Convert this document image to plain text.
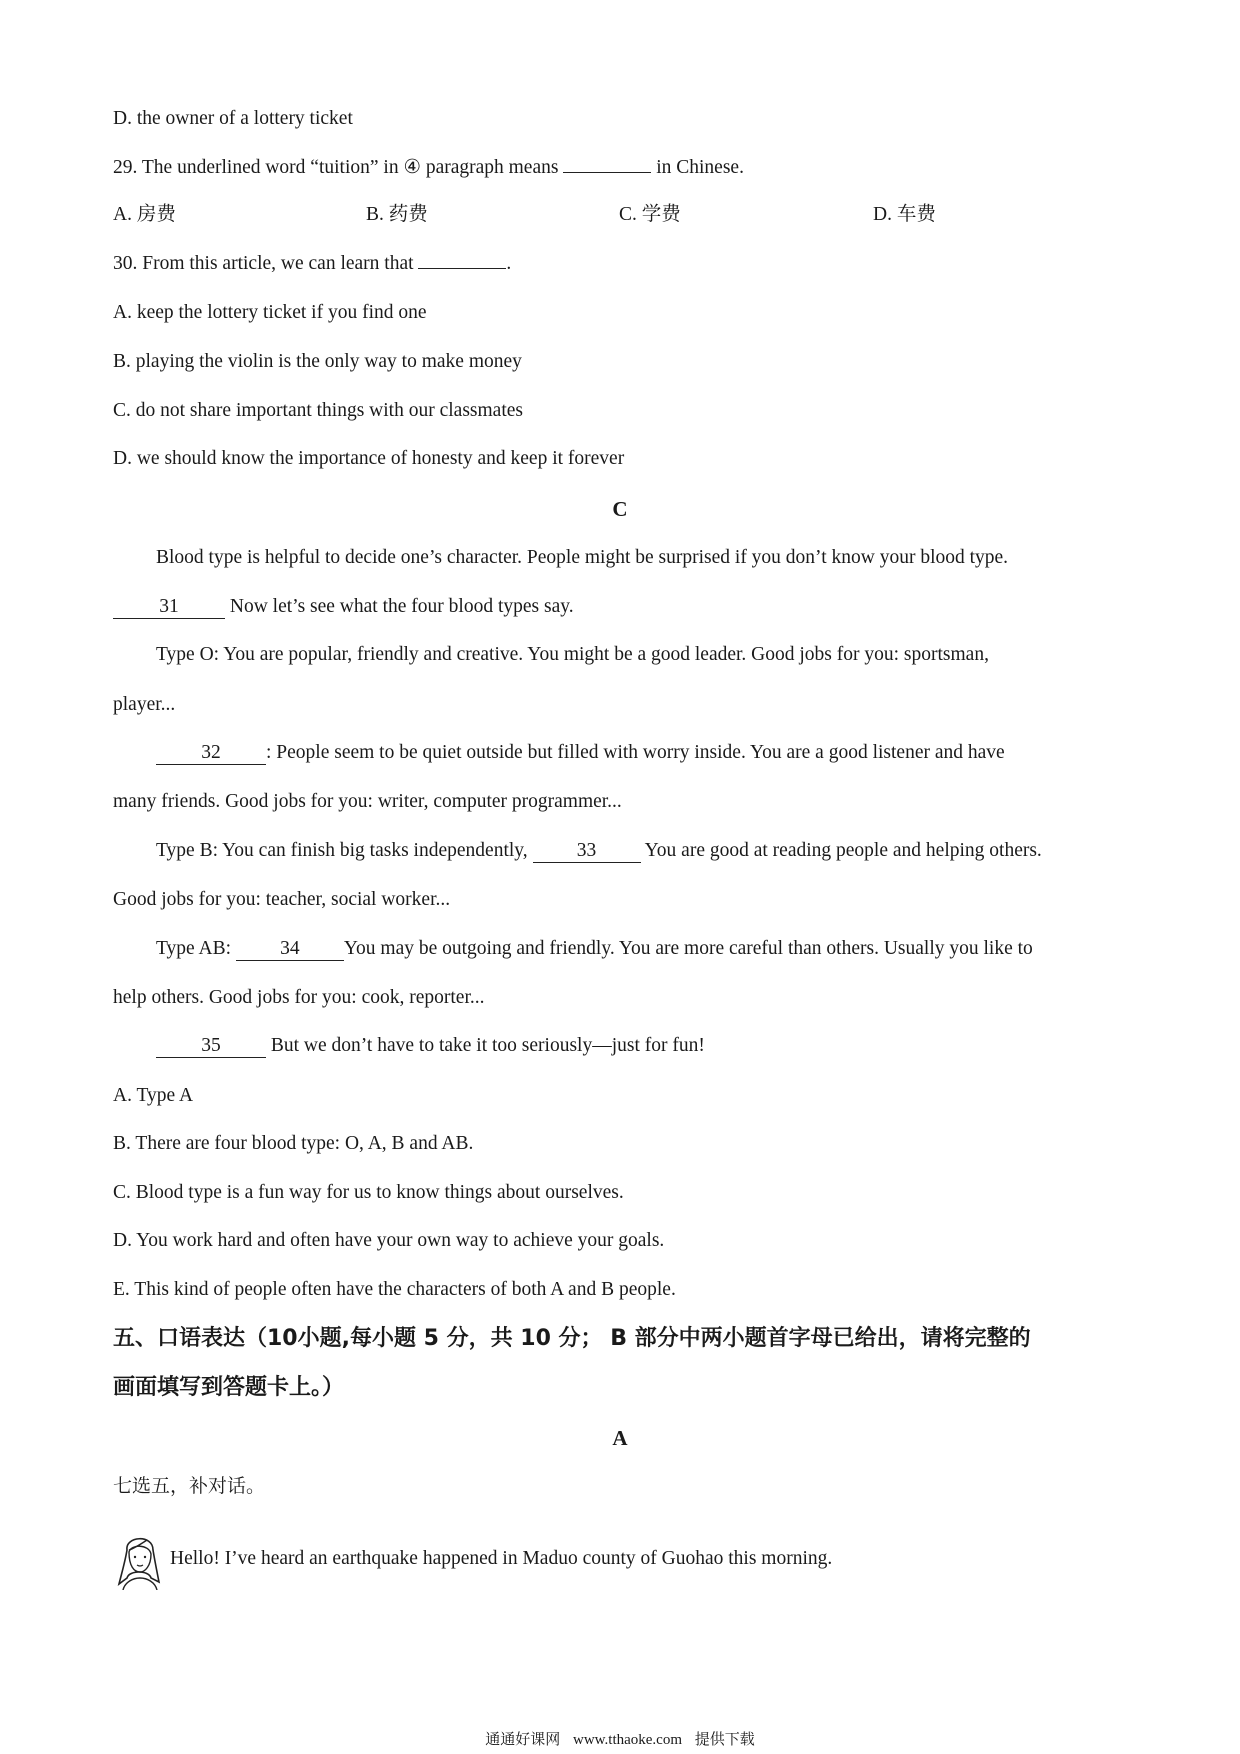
D. the owner of a lottery ticket
29. The underlined word “tuition” in ④ paragraph means	in Chinese.
A. 房费	B. 药费	C. 学费	D. 车费
30. From this article, we can learn that	.
A. keep the lottery ticket if you find one
B. playing the violin is the only way to make money
C. do not share important things with our classmates
D. we should know the importance of honesty and keep it forever
C
Blood type is helpful to decide one’s character. People might be surprised if you don’t know your blood type.
31	Now let’s see what the four blood types say.
Type O: You are popular, friendly and creative. You might be a good leader. Good jobs for you: sportsman,
player...
32 : People seem to be quiet outside but filled with worry inside. You are a good listener and have
many friends. Good jobs for you: writer, computer programmer...
Type B: You can finish big tasks independently,	33 You are good at reading people and helping others.
Good jobs for you: teacher, social worker...
Type AB:	34 You may be outgoing and friendly. You are more careful than others. Usually you like to
help others. Good jobs for you: cook, reporter...
35	But we don’t have to take it too seriously—just for fun!
A. Type A
B. There are four blood type: O, A, B and AB.
C. Blood type is a fun way for us to know things about ourselves.
D. You work hard and often have your own way to achieve your goals.
E. This kind of people often have the characters of both A and B people.
五、口语表达（10小题,每小题 5 分，共 10 分； B 部分中两小题首字母已给出，请将完整的
画面填写到答题卡上。）
A
七选五，补对话。
Hello! I’ve heard an earthquake happened in Maduo county of Guohao this morning.
通通好课网 www.tthaoke.com 提供下载
